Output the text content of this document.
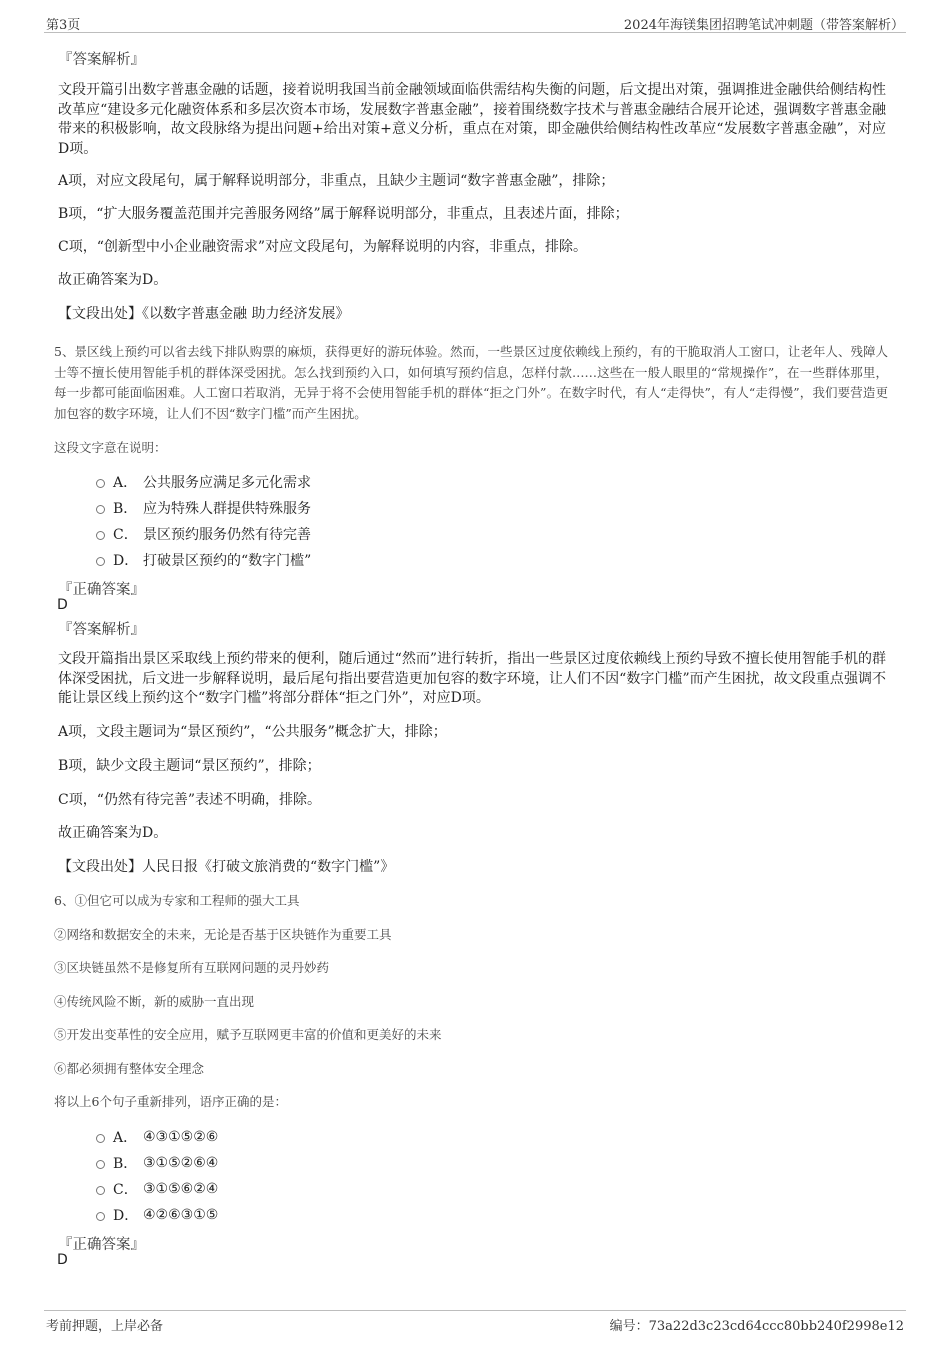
第3页	2024年海镁集团招聘笔试冲刺题（带答案解析）
『答案解析』

文段开篇引出数字普惠金融的话题，接着说明我国当前金融领域面临供需结构失衡的问题，后文提出对策，强调推进金融供给侧结构性改革应“建设多元化融资体系和多层次资本市场，发展数字普惠金融”，接着围绕数字技术与普惠金融结合展开论述，强调数字普惠金融带来的积极影响，故文段脉络为提出问题+给出对策+意义分析，重点在对策，即金融供给侧结构性改革应“发展数字普惠金融”，对应D项。

A项，对应文段尾句，属于解释说明部分，非重点，且缺少主题词“数字普惠金融”，排除；
B项，“扩大服务覆盖范围并完善服务网络”属于解释说明部分，非重点，且表述片面，排除；
C项，“创新型中小企业融资需求”对应文段尾句，为解释说明的内容，非重点，排除。
故正确答案为D。
【文段出处】《以数字普惠金融 助力经济发展》

5、景区线上预约可以省去线下排队购票的麻烦，获得更好的游玩体验。然而，一些景区过度依赖线上预约，有的干脆取消人工窗口，让老年人、残障人士等不擅长使用智能手机的群体深受困扰。怎么找到预约入口，如何填写预约信息，怎样付款……这些在一般人眼里的“常规操作”，在一些群体那里，每一步都可能面临困难。人工窗口若取消，无异于将不会使用智能手机的群体“拒之门外”。在数字时代，有人“走得快”，有人“走得慢”，我们要营造更加包容的数字环境，让人们不因“数字门槛”而产生困扰。

这段文字意在说明：
A． 公共服务应满足多元化需求
B． 应为特殊人群提供特殊服务
C． 景区预约服务仍然有待完善
D． 打破景区预约的“数字门槛”
『正确答案』
D
『答案解析』

文段开篇指出景区采取线上预约带来的便利，随后通过“然而”进行转折，指出一些景区过度依赖线上预约导致不擅长使用智能手机的群体深受困扰，后文进一步解释说明，最后尾句指出要营造更加包容的数字环境，让人们不因“数字门槛”而产生困扰，故文段重点强调不能让景区线上预约这个“数字门槛”将部分群体“拒之门外”，对应D项。

A项，文段主题词为“景区预约”，“公共服务”概念扩大，排除；
B项，缺少文段主题词“景区预约”，排除；
C项，“仍然有待完善”表述不明确，排除。
故正确答案为D。
【文段出处】人民日报《打破文旅消费的“数字门槛”》
6、①但它可以成为专家和工程师的强大工具
②网络和数据安全的未来，无论是否基于区块链作为重要工具
③区块链虽然不是修复所有互联网问题的灵丹妙药
④传统风险不断，新的威胁一直出现
⑤开发出变革性的安全应用，赋予互联网更丰富的价值和更美好的未来
⑥都必须拥有整体安全理念
将以上6个句子重新排列，语序正确的是：
A． ④③①⑤②⑥
B． ③①⑤②⑥④
C． ③①⑤⑥②④
D． ④②⑥③①⑤
『正确答案』
D
考前押题，上岸必备	编号：73a22d3c23cd64ccc80bb240f2998e12
